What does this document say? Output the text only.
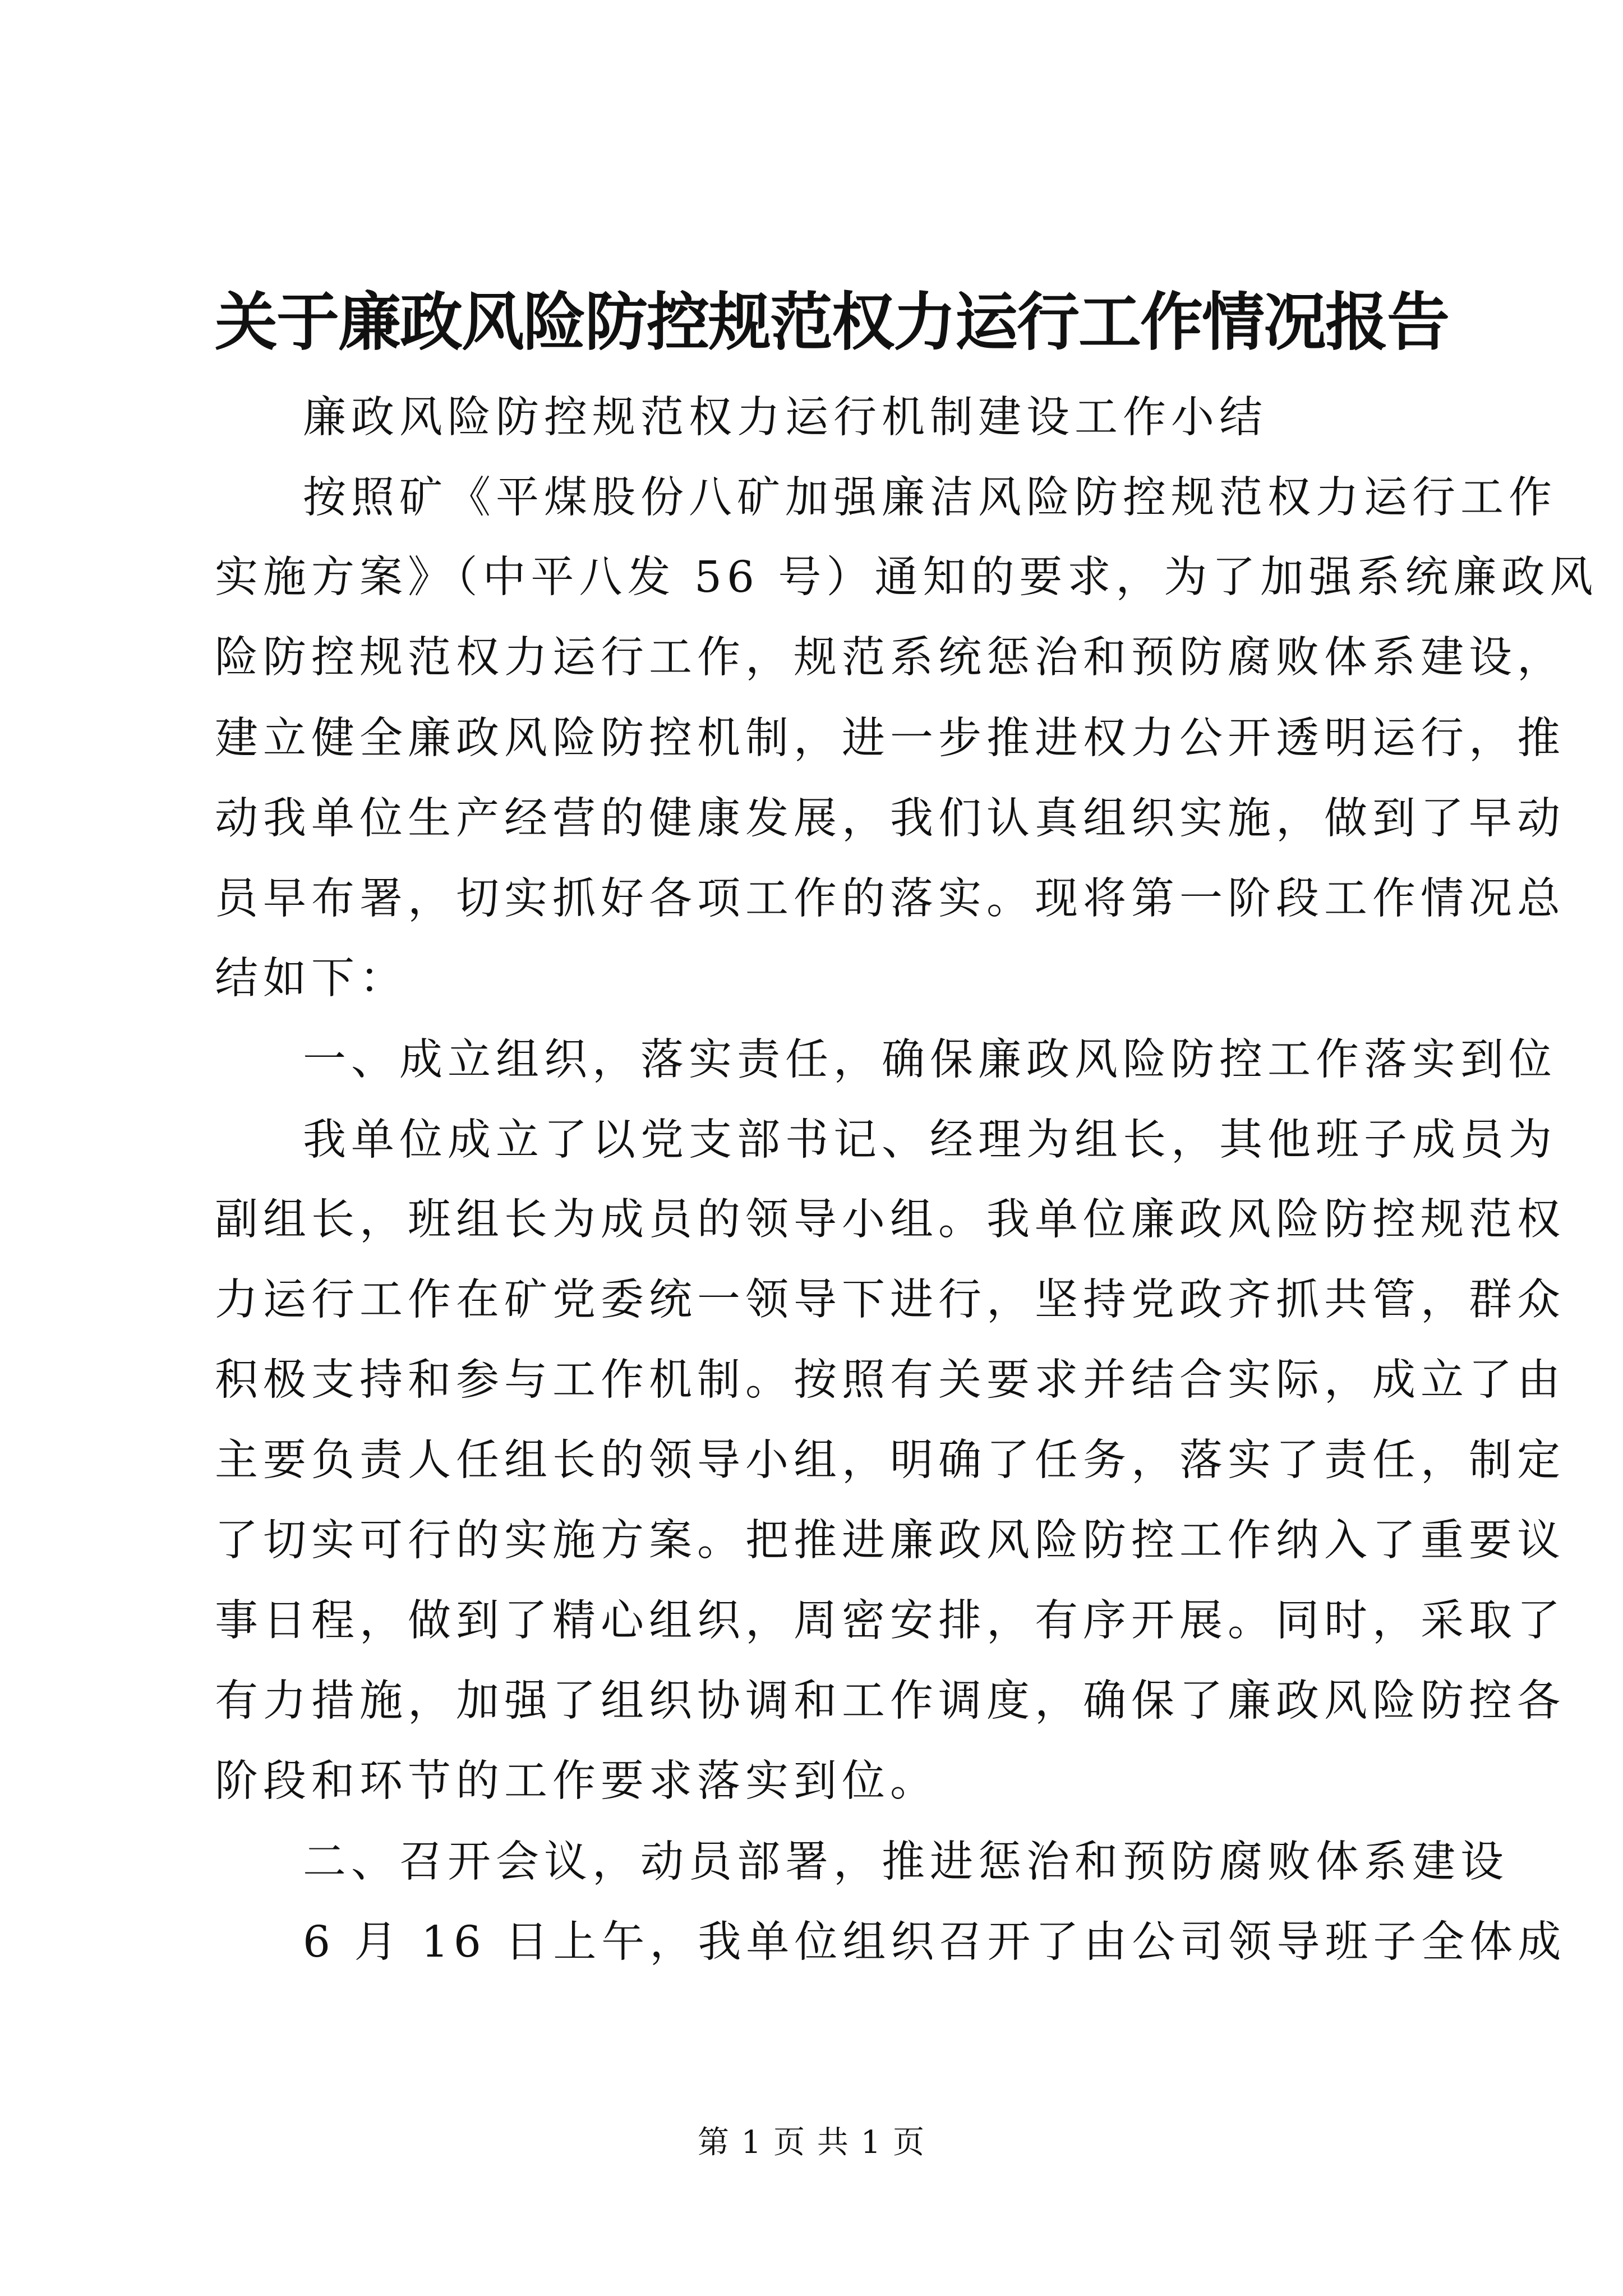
关于廉政风险防控规范权力运行工作情况报告

廉政风险防控规范权力运行机制建设工作小结

按照矿《平煤股份八矿加强廉洁风险防控规范权力运行工作

实施方案》（中平八发 56 号）通知的要求，为了加强系统廉政风

险防控规范权力运行工作，规范系统惩治和预防腐败体系建设，

建立健全廉政风险防控机制，进一步推进权力公开透明运行，推

动我单位生产经营的健康发展，我们认真组织实施，做到了早动

员早布署，切实抓好各项工作的落实。现将第一阶段工作情况总

结如下：

一、成立组织，落实责任，确保廉政风险防控工作落实到位

我单位成立了以党支部书记、经理为组长，其他班子成员为

副组长，班组长为成员的领导小组。我单位廉政风险防控规范权

力运行工作在矿党委统一领导下进行，坚持党政齐抓共管，群众

积极支持和参与工作机制。按照有关要求并结合实际，成立了由

主要负责人任组长的领导小组，明确了任务，落实了责任，制定

了切实可行的实施方案。把推进廉政风险防控工作纳入了重要议

事日程，做到了精心组织，周密安排，有序开展。同时，采取了

有力措施，加强了组织协调和工作调度，确保了廉政风险防控各

阶段和环节的工作要求落实到位。

二、召开会议，动员部署，推进惩治和预防腐败体系建设

6 月 16 日上午，我单位组织召开了由公司领导班子全体成

第 1 页 共 1 页
